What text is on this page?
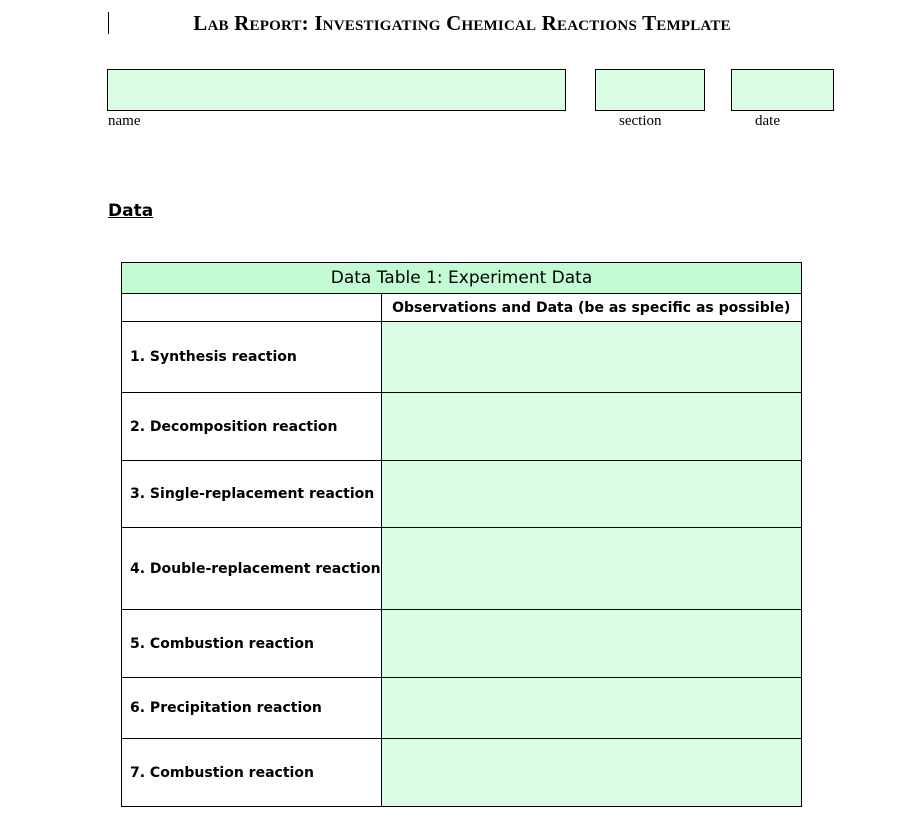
Lab Report: Investigating Chemical Reactions Template
name	section	date
Data
Data Table 1: Experiment Data	
	Observations and Data (be as specific as possible)
1. Synthesis reaction	
2. Decomposition reaction	
3. Single-replacement reaction	
4. Double-replacement reaction	
5. Combustion reaction	
6. Precipitation reaction	
7. Combustion reaction	
